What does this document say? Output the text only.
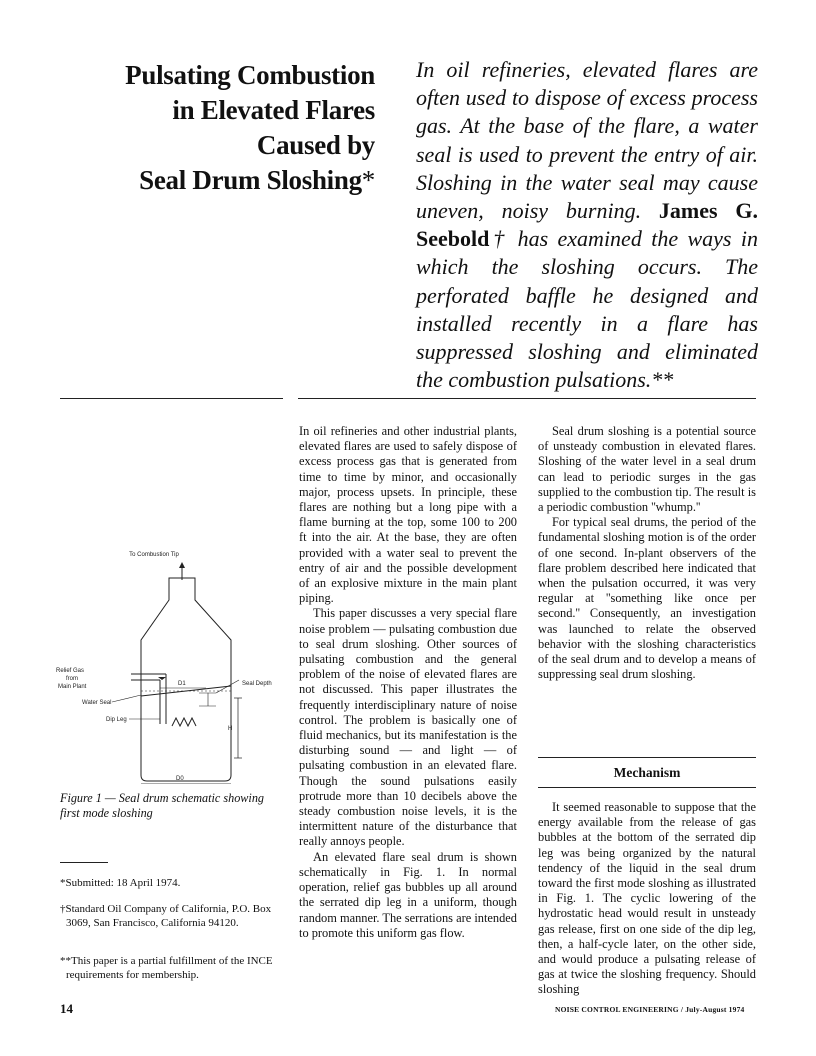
Pulsating Combustion
in Elevated Flares
Caused by
Seal Drum Sloshing*
In oil refineries, elevated flares are often used to dispose of excess process gas. At the base of the flare, a water seal is used to prevent the entry of air. Sloshing in the water seal may cause uneven, noisy burning. James G. Seebold† has examined the ways in which the sloshing occurs. The perforated baffle he designed and installed recently in a flare has suppressed sloshing and eliminated the combustion pulsations.**
To Combustion Tip
D1	Seal Depth
H
D0
Relief Gas
from
Main Plant
Water Seal
Dip Leg
Figure 1 — Seal drum schematic showing first mode sloshing

*Submitted: 18 April 1974.

†Standard Oil Company of California, P.O. Box 3069, San Francisco, California 94120.

**This paper is a partial fulfillment of the INCE requirements for membership.

In oil refineries and other industrial plants, elevated flares are used to safely dispose of excess process gas that is generated from time to time by minor, and occasionally major, process upsets. In principle, these flares are nothing but a long pipe with a flame burning at the top, some 100 to 200 ft into the air. At the base, they are often provided with a water seal to prevent the entry of air and the possible development of an explosive mixture in the main plant piping.

This paper discusses a very special flare noise problem — pulsating combustion due to seal drum sloshing. Other sources of pulsating combustion and the general problem of the noise of elevated flares are not discussed. This paper illustrates the frequently interdisciplinary nature of noise control. The problem is basically one of fluid mechanics, but its manifestation is the disturbing sound — and light — of pulsating combustion in an elevated flare. Though the sound pulsations easily protrude more than 10 decibels above the steady combustion noise levels, it is the intermittent nature of the disturbance that really annoys people.

An elevated flare seal drum is shown schematically in Fig. 1. In normal operation, relief gas bubbles up all around the serrated dip leg in a uniform, though random manner. The serrations are intended to promote this uniform gas flow.

Seal drum sloshing is a potential source of unsteady combustion in elevated flares. Sloshing of the water level in a seal drum can lead to periodic surges in the gas supplied to the combustion tip. The result is a periodic combustion ''whump.''

For typical seal drums, the period of the fundamental sloshing motion is of the order of one second. In-plant observers of the flare problem described here indicated that when the pulsation occurred, it was very regular at ''something like once per second.'' Consequently, an investigation was launched to relate the observed behavior with the sloshing characteristics of the seal drum and to develop a means of suppressing seal drum sloshing.

Mechanism

It seemed reasonable to suppose that the energy available from the release of gas bubbles at the bottom of the serrated dip leg was being organized by the natural tendency of the liquid in the seal drum toward the first mode sloshing as illustrated in Fig. 1. The cyclic lowering of the hydrostatic head would result in unsteady gas release, first on one side of the dip leg, then, a half-cycle later, on the other side, and would produce a pulsating release of gas at twice the sloshing frequency. Should sloshing

14	NOISE CONTROL ENGINEERING / July-August 1974
